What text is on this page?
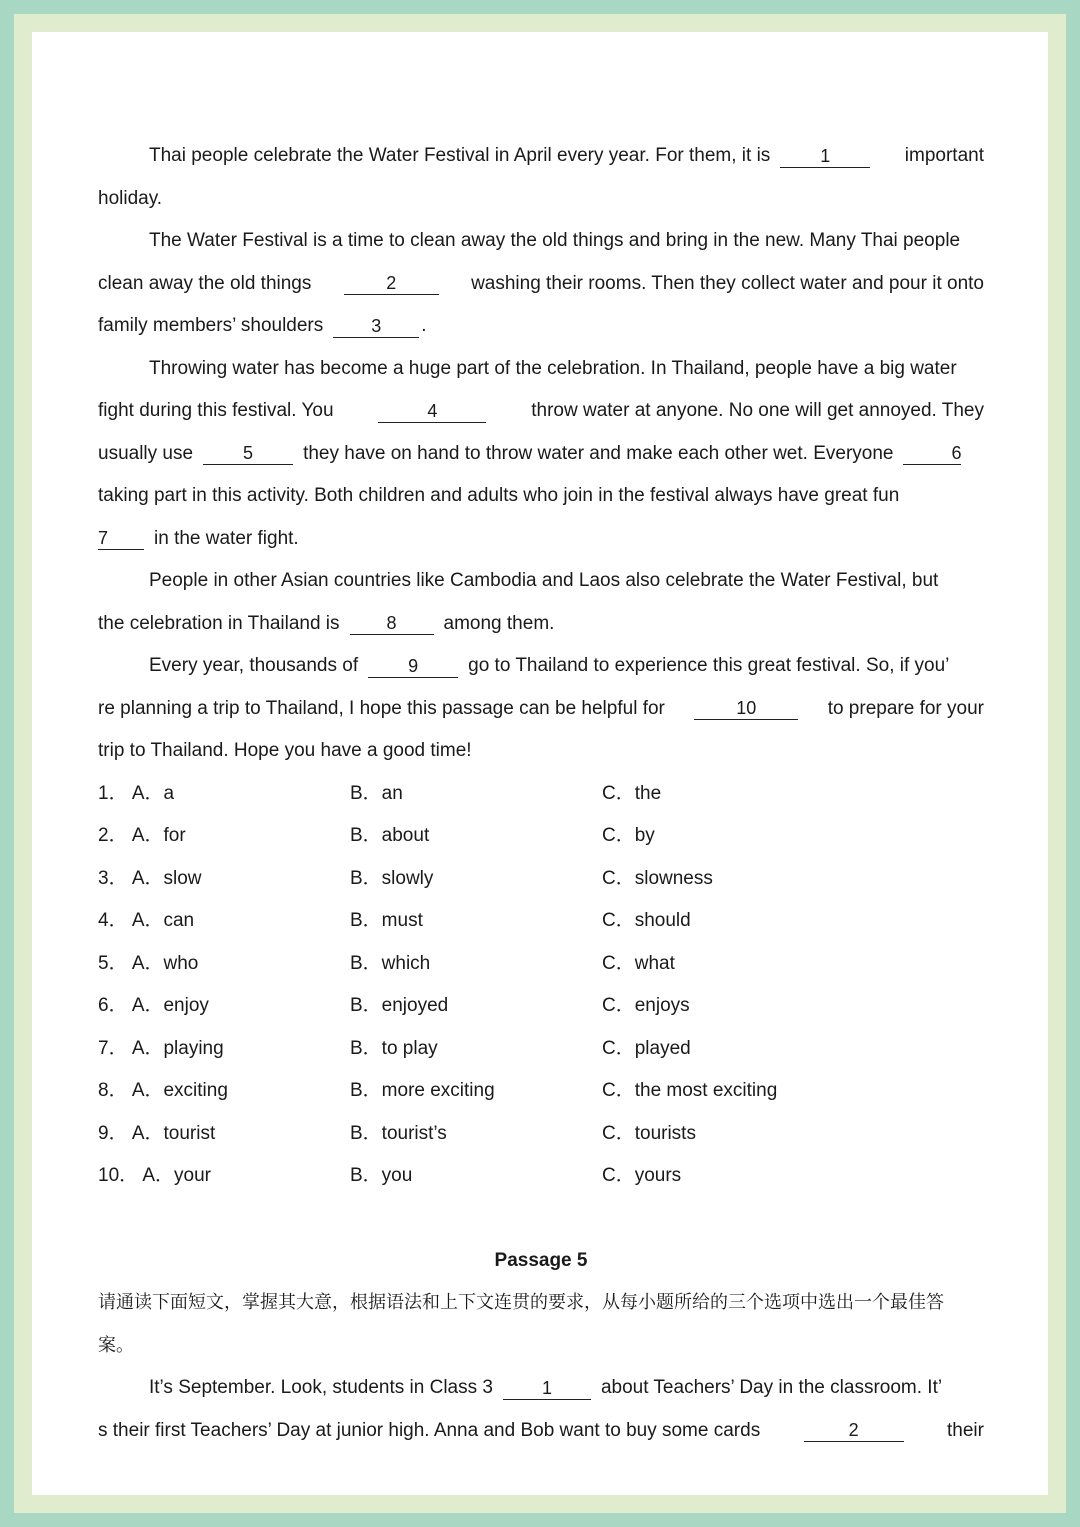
Thai people celebrate the Water Festival in April every year. For them, it is	1	important
holiday.
The Water Festival is a time to clean away the old things and bring in the new. Many Thai people
clean away the old things	2	washing their rooms. Then they collect water and pour it onto
family members’ shoulders	3	.
Throwing water has become a huge part of the celebration. In Thailand, people have a big water
fight during this festival. You	4	throw water at anyone. No one will get annoyed. They
usually use	5	they have on hand to throw water and make each other wet. Everyone	6
taking part in this activity. Both children and adults who join in the festival always have great fun
7	in the water fight.
People in other Asian countries like Cambodia and Laos also celebrate the Water Festival, but
the celebration in Thailand is	8	among them.
Every year, thousands of	9	go to Thailand to experience this great festival. So, if you’
re planning a trip to Thailand, I hope this passage can be helpful for	10	to prepare for your
trip to Thailand. Hope you have a good time!
1． A．a	B．an	C．the
2． A．for	B．about	C．by
3． A．slow	B．slowly	C．slowness
4． A．can	B．must	C．should
5． A．who	B．which	C．what
6． A．enjoy	B．enjoyed	C．enjoys
7． A．playing	B．to play	C．played
8． A．exciting	B．more exciting	C．the most exciting
9． A．tourist	B．tourist’s	C．tourists
10． A．your	B．you	C．yours
Passage 5
请通读下面短文，掌握其大意，根据语法和上下文连贯的要求，从每小题所给的三个选项中选出一个最佳答
案。
It’s September. Look, students in Class 3	1	about Teachers’ Day in the classroom. It’
s their first Teachers’ Day at junior high. Anna and Bob want to buy some cards	2	their
